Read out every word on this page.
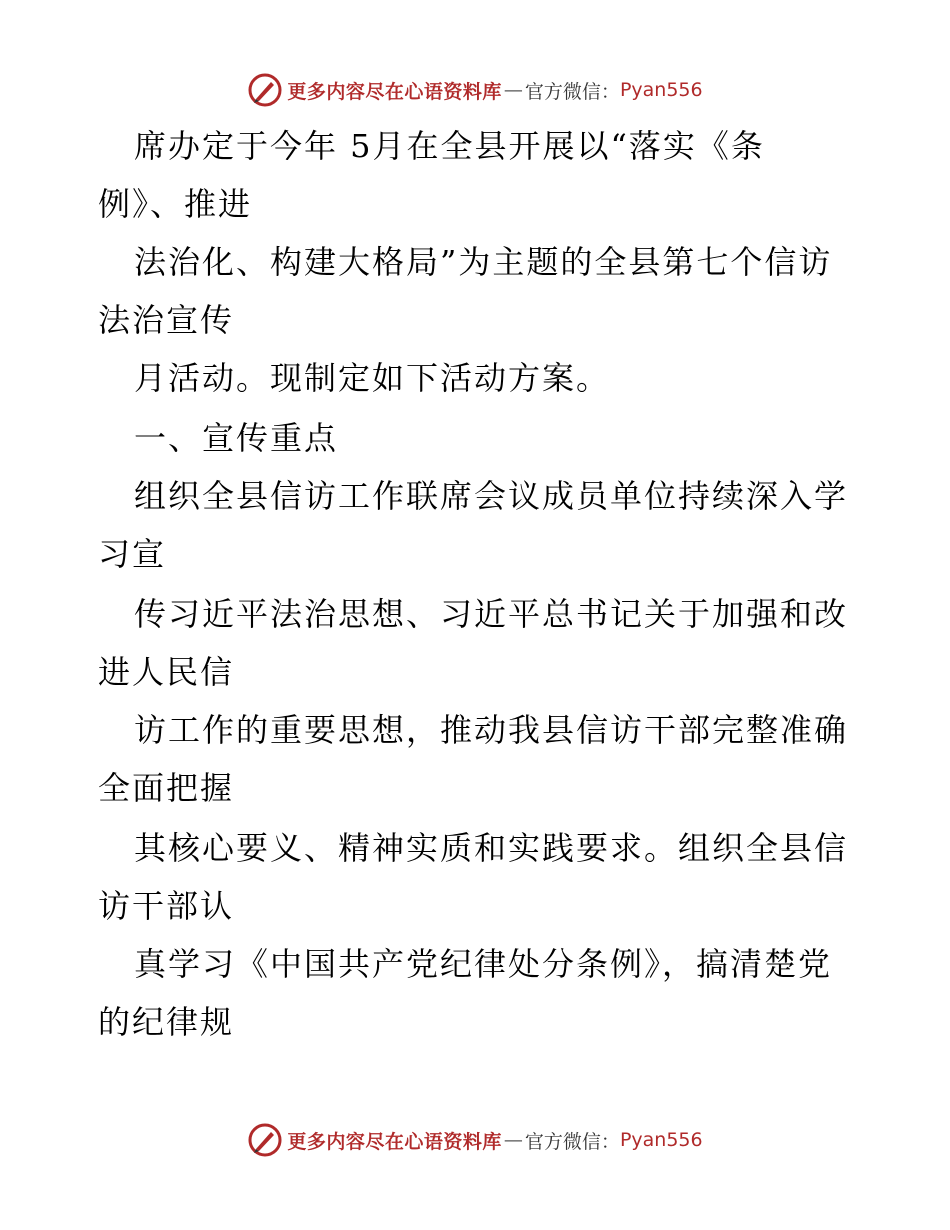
更多内容尽在心语资料库 — 官方微信： Pyan556
席办定于今年 5月在全县开展以“落实《条
例》、推进
法治化、构建大格局”为主题的全县第七个信访
法治宣传
月活动。现制定如下活动方案。
一、宣传重点
组织全县信访工作联席会议成员单位持续深入学
习宣
传习近平法治思想、习近平总书记关于加强和改
进人民信
访工作的重要思想，推动我县信访干部完整准确
全面把握
其核心要义、精神实质和实践要求。组织全县信
访干部认
真学习《中国共产党纪律处分条例》，搞清楚党
的纪律规
更多内容尽在心语资料库 — 官方微信： Pyan556
